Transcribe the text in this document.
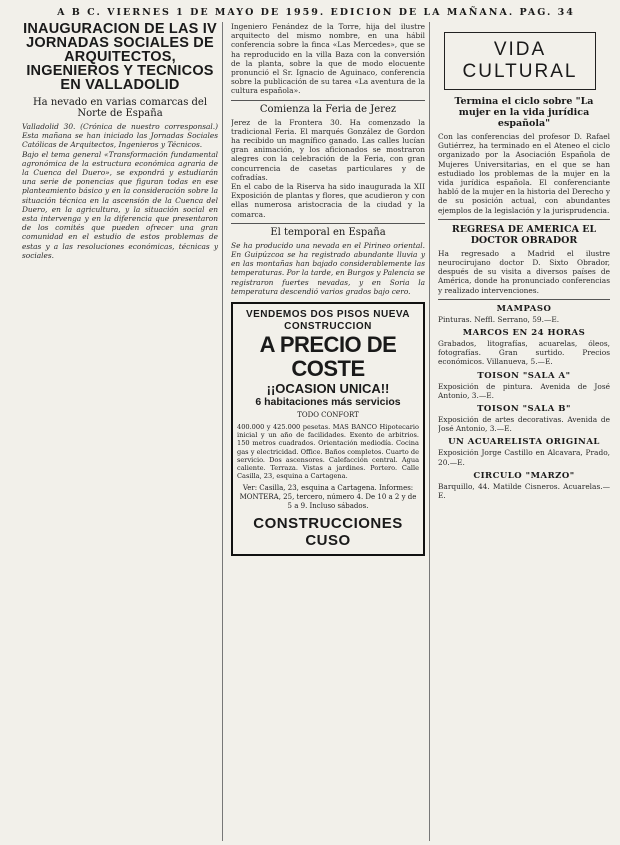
A B C. VIERNES 1 DE MAYO DE 1959. EDICION DE LA MAÑANA. PAG. 34
INAUGURACION DE LAS IV JORNADAS SOCIALES DE ARQUITECTOS, INGENIEROS Y TECNICOS EN VALLADOLID
Ha nevado en varias comarcas del Norte de España

Valladolid 30. (Crónica de nuestro corresponsal.) Esta mañana se han iniciado las Jornadas Sociales Católicas de Arquitectos, Ingenieros y Técnicos.

Bajo el tema general «Transformación fundamental agronómica de la estructura económica agraria de la Cuenca del Duero», se expondrá y estudiarán una serie de ponencias que figuran todas en ese planteamiento básico y en la consideración sobre la situación técnica en la ascensión de la Cuenca del Duero, en la agricultura, y la situación social en esta intervenga y en la diferencia que presentaron de los comités que pueden ofrecer una gran comunidad en el estudio de estos problemas de estas y a las resoluciones económicas, técnicas y sociales.

Ingeniero Fenández de la Torre, hija del ilustre arquitecto del mismo nombre, en una hábil conferencia sobre la finca «Las Mercedes», que se ha reproducido en la villa Baza con la conversión de la planta, sobre la que de modo elocuente pronunció el Sr. Ignacio de Aguinaco, conferencia sobre la publicación de su tarea «La aventura de la cultura española».

Comienza la Feria de Jerez

Jerez de la Frontera 30. Ha comenzado la tradicional Feria. El marqués González de Gordon ha recibido un magnífico ganado. Las calles lucían gran animación, y los aficionados se mostraron alegres con la celebración de la Feria, con gran concurrencia de casetas particulares y de cofradías.

En el cabo de la Riserva ha sido inaugurada la XII Exposición de plantas y flores, que acudieron y con ellas numerosa aristocracia de la ciudad y la comarca.

El temporal en España

Se ha producido una nevada en el Pirineo oriental. En Guipúzcoa se ha registrado abundante lluvia y en las montañas han bajado considerablemente las temperaturas. Por la tarde, en Burgos y Palencia se registraron fuertes nevadas, y en Soria la temperatura descendió varios grados bajo cero.

VENDEMOS DOS PISOS NUEVA CONSTRUCCION
A PRECIO DE COSTE
¡¡OCASION UNICA!!
6 habitaciones más servicios
TODO CONFORT
400.000 y 425.000 pesetas. MAS BANCO Hipotecario inicial y un año de facilidades. Exento de arbitrios. 150 metros cuadrados. Orientación mediodía. Cocina gas y electricidad. Office. Baños completos. Cuarto de servicio. Dos ascensores. Calefacción central. Agua caliente. Terraza. Vistas a jardines. Portero. Calle Casilla, 23, esquina a Cartagena.
Ver: Casilla, 23, esquina a Cartagena. Informes: MONTERA, 25, tercero, número 4. De 10 a 2 y de 5 a 9. Incluso sábados.
CONSTRUCCIONES CUSO
VIDA CULTURAL
Termina el ciclo sobre "La mujer en la vida jurídica española"

Con las conferencias del profesor D. Rafael Gutiérrez, ha terminado en el Ateneo el ciclo organizado por la Asociación Española de Mujeres Universitarias, en el que se han estudiado los problemas de la mujer en la vida jurídica española. El conferenciante habló de la mujer en la historia del Derecho y de su posición actual, con abundantes ejemplos de la legislación y la jurisprudencia.

REGRESA DE AMERICA EL DOCTOR OBRADOR

Ha regresado a Madrid el ilustre neurocirujano doctor D. Sixto Obrador, después de su visita a diversos países de América, donde ha pronunciado conferencias y realizado intervenciones.

MAMPASO

Pinturas. Neffl. Serrano, 59.—E.

MARCOS EN 24 HORAS

Grabados, litografías, acuarelas, óleos, fotografías. Gran surtido. Precios económicos. Villanueva, 5.—E.

TOISON "SALA A"

Exposición de pintura. Avenida de José Antonio, 3.—E.

TOISON "SALA B"

Exposición de artes decorativas. Avenida de José Antonio, 3.—E.

UN ACUARELISTA ORIGINAL

Exposición Jorge Castillo en Alcavara, Prado, 20.—E.

CIRCULO "MARZO"

Barquillo, 44. Matilde Cisneros. Acuarelas.—E.
